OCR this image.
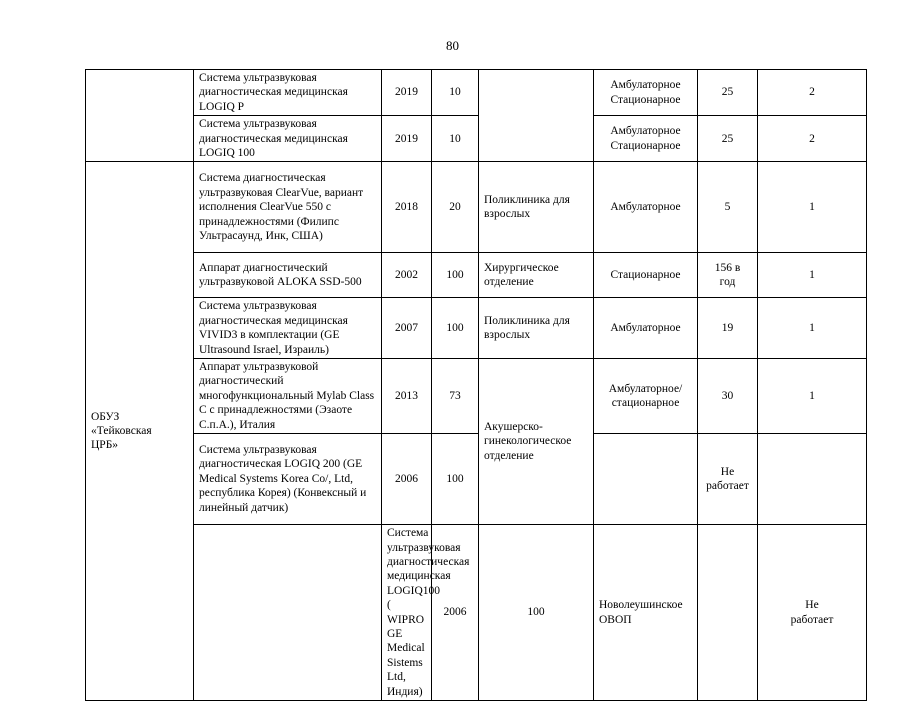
80
	Система ультразвуковая диагностическая медицинская LOGIQ P	2019	10		Амбулаторное
Стационарное	25	2	
	Система ультразвуковая диагностическая медицинская LOGIQ 100	2019	10		Амбулаторное
Стационарное	25	2	
ОБУЗ
«Тейковская
ЦРБ»	Система диагностическая ультразвуковая ClearVue, вариант исполнения ClearVue 550 с принадлежностями (Филипс Ультрасаунд, Инк, США)	2018	20	Поликлиника для взрослых	Амбулаторное	5	1	
	Аппарат диагностический ультразвуковой ALOKA SSD-500	2002	100	Хирургическое отделение	Стационарное	156 в
год	1	
	Система ультразвуковая диагностическая медицинская VIVID3 в комплектации (GE Ultrasound Israel, Израиль)	2007	100	Поликлиника для взрослых	Амбулаторное	19	1	
	Аппарат ультразвуковой диагностический многофункциональный Mylab Class C с принадлежностями (Эзаоте С.п.А.), Италия	2013	73	Акушерско-гинекологическое отделение	Амбулаторное/
стационарное	30	1	
	Система ультразвуковая диагностическая LOGIQ 200 (GE Medical Systems Korea Co/, Ltd, республика Корея) (Конвексный и линейный датчик)	2006	100			Не
работает		
		Система ультразвуковая диагностическая медицинская LOGIQ100 ( WIPRO GE Medical Sistems Ltd, Индия)	2006	100	Новолеушинское ОВОП		Не
работает	
